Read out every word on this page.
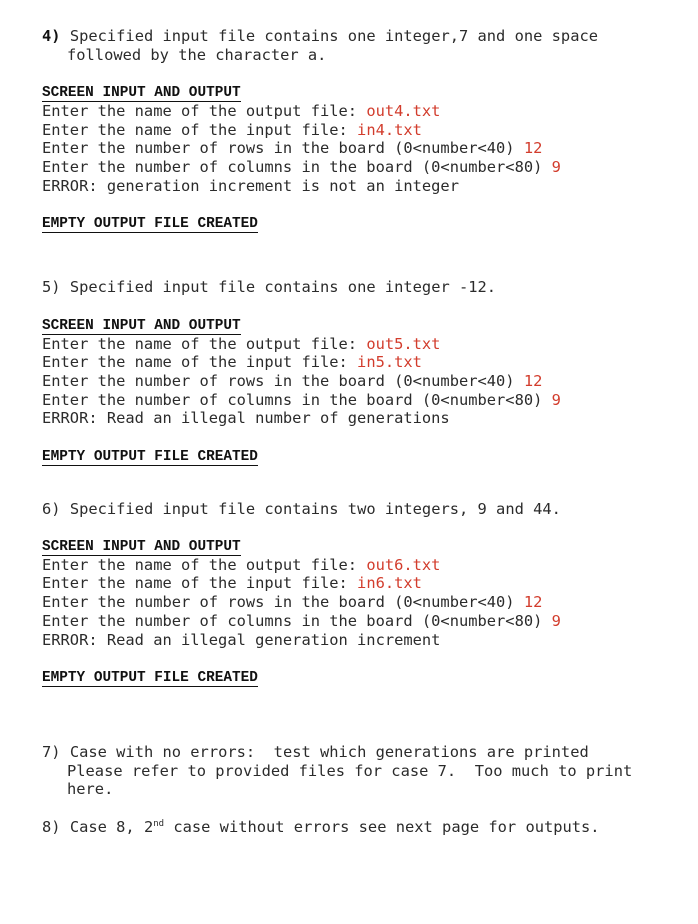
4) Specified input file contains one integer,7 and one space
followed by the character a.
SCREEN INPUT AND OUTPUT
Enter the name of the output file: out4.txt
Enter the name of the input file: in4.txt
Enter the number of rows in the board (0<number<40) 12
Enter the number of columns in the board (0<number<80) 9
ERROR: generation increment is not an integer
EMPTY OUTPUT FILE CREATED
5) Specified input file contains one integer -12.
SCREEN INPUT AND OUTPUT
Enter the name of the output file: out5.txt
Enter the name of the input file: in5.txt
Enter the number of rows in the board (0<number<40) 12
Enter the number of columns in the board (0<number<80) 9
ERROR: Read an illegal number of generations
EMPTY OUTPUT FILE CREATED
6) Specified input file contains two integers, 9 and 44.
SCREEN INPUT AND OUTPUT
Enter the name of the output file: out6.txt
Enter the name of the input file: in6.txt
Enter the number of rows in the board (0<number<40) 12
Enter the number of columns in the board (0<number<80) 9
ERROR: Read an illegal generation increment
EMPTY OUTPUT FILE CREATED
7) Case with no errors:  test which generations are printed
Please refer to provided files for case 7.  Too much to print
here.
8) Case 8, 2nd case without errors see next page for outputs.
